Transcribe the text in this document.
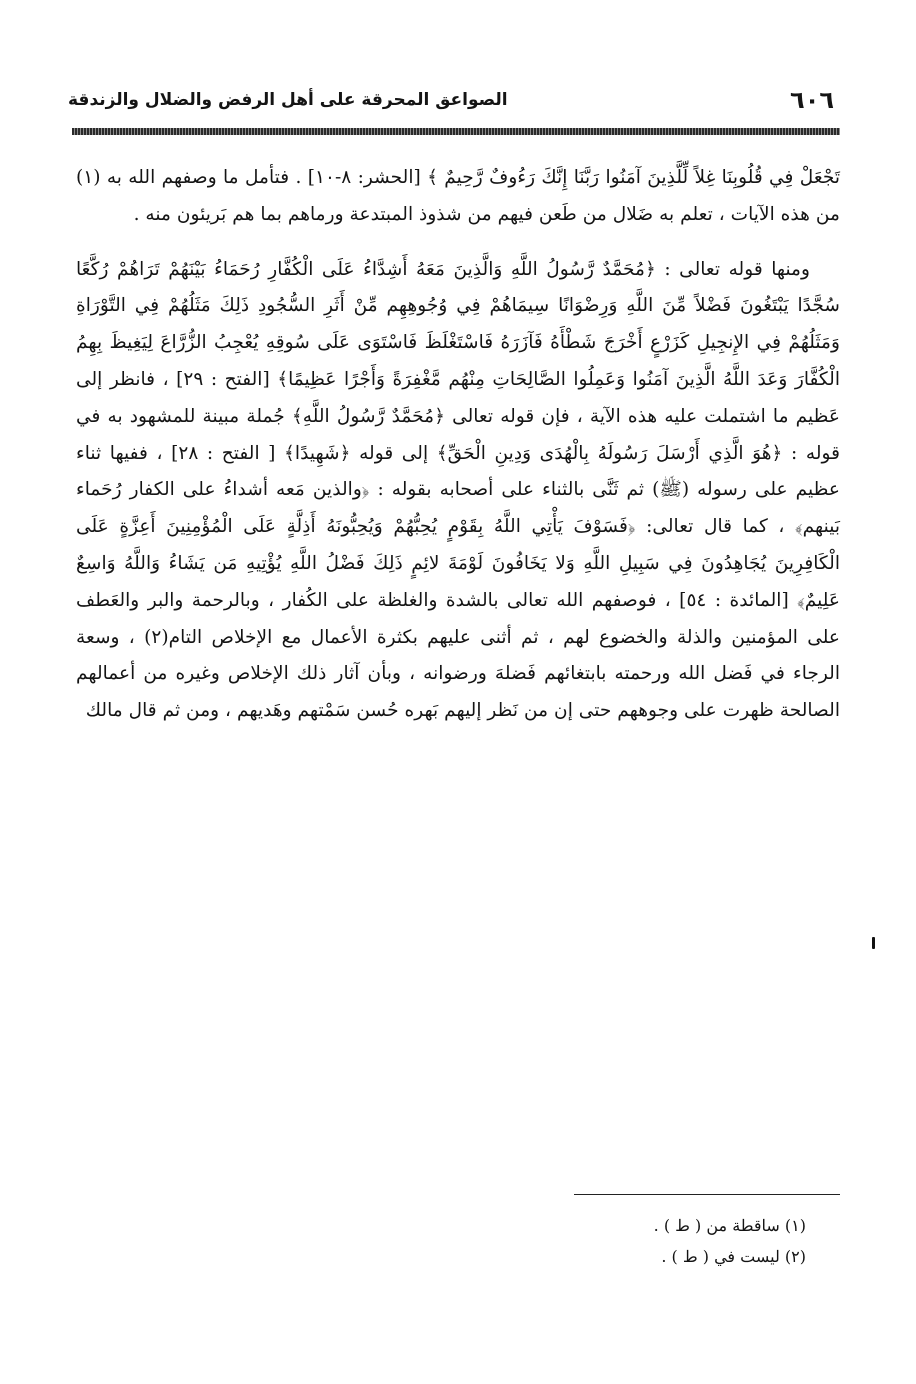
٦٠٦
الصواعق المحرقة على أهل الرفض والضلال والزندقة

تَجْعَلْ فِي قُلُوبِنَا غِلاً لِّلَّذِينَ آمَنُوا رَبَّنَا إِنَّكَ رَءُوفٌ رَّحِيمٌ ﴾ [الحشر: ٨-١٠] . فتأمل ما وصفهم الله به (١) من هذه الآيات ، تعلم به ضَلال من طَعن فيهم من شذوذ المبتدعة ورماهم بما هم بَريئون منه .

ومنها قوله تعالى : ﴿مُحَمَّدٌ رَّسُولُ اللَّهِ وَالَّذِينَ مَعَهُ أَشِدَّاءُ عَلَى الْكُفَّارِ رُحَمَاءُ بَيْنَهُمْ تَرَاهُمْ رُكَّعًا سُجَّدًا يَبْتَغُونَ فَضْلاً مِّنَ اللَّهِ وَرِضْوَانًا سِيمَاهُمْ فِي وُجُوهِهِم مِّنْ أَثَرِ السُّجُودِ ذَلِكَ مَثَلُهُمْ فِي التَّوْرَاةِ وَمَثَلُهُمْ فِي الإِنجِيلِ كَزَرْعٍ أَخْرَجَ شَطْأَهُ فَآزَرَهُ فَاسْتَغْلَظَ فَاسْتَوَى عَلَى سُوقِهِ يُعْجِبُ الزُّرَّاعَ لِيَغِيظَ بِهِمُ الْكُفَّارَ وَعَدَ اللَّهُ الَّذِينَ آمَنُوا وَعَمِلُوا الصَّالِحَاتِ مِنْهُم مَّغْفِرَةً وَأَجْرًا عَظِيمًا﴾ [الفتح : ٢٩] ، فانظر إلى عَظيم ما اشتملت عليه هذه الآية ، فإن قوله تعالى ﴿مُحَمَّدٌ رَّسُولُ اللَّهِ﴾ جُملة مبينة للمشهود به في قوله : ﴿هُوَ الَّذِي أَرْسَلَ رَسُولَهُ بِالْهُدَى وَدِينِ الْحَقِّ﴾ إلى قوله ﴿شَهِيدًا﴾ [ الفتح : ٢٨] ، ففيها ثناء عظيم على رسوله (ﷺ) ثم ثَنَّى بالثناء على أصحابه بقوله : ﴿والذين مَعه أشداءُ على الكفار رُحَماء بَينهم﴾ ، كما قال تعالى: ﴿فَسَوْفَ يَأْتِي اللَّهُ بِقَوْمٍ يُحِبُّهُمْ وَيُحِبُّونَهُ أَذِلَّةٍ عَلَى الْمُؤْمِنِينَ أَعِزَّةٍ عَلَى الْكَافِرِينَ يُجَاهِدُونَ فِي سَبِيلِ اللَّهِ وَلا يَخَافُونَ لَوْمَةَ لائِمٍ ذَلِكَ فَضْلُ اللَّهِ يُؤْتِيهِ مَن يَشَاءُ وَاللَّهُ وَاسِعٌ عَلِيمٌ﴾ [المائدة : ٥٤] ، فوصفهم الله تعالى بالشدة والغلظة على الكُفار ، وبالرحمة والبر والعَطف على المؤمنين والذلة والخضوع لهم ، ثم أثنى عليهم بكثرة الأعمال مع الإخلاص التام(٢) ، وسعة الرجاء في فَضل الله ورحمته بابتغائهم فَضلهَ ورضوانه ، وبأن آثار ذلك الإخلاص وغيره من أعمالهم الصالحة ظهرت على وجوههم حتى إن من نَظر إليهم بَهره حُسن سَمْتهم وهَديهم ، ومن ثم قال مالك

(١) ساقطة من ( ط ) .

(٢) ليست في ( ط ) .
